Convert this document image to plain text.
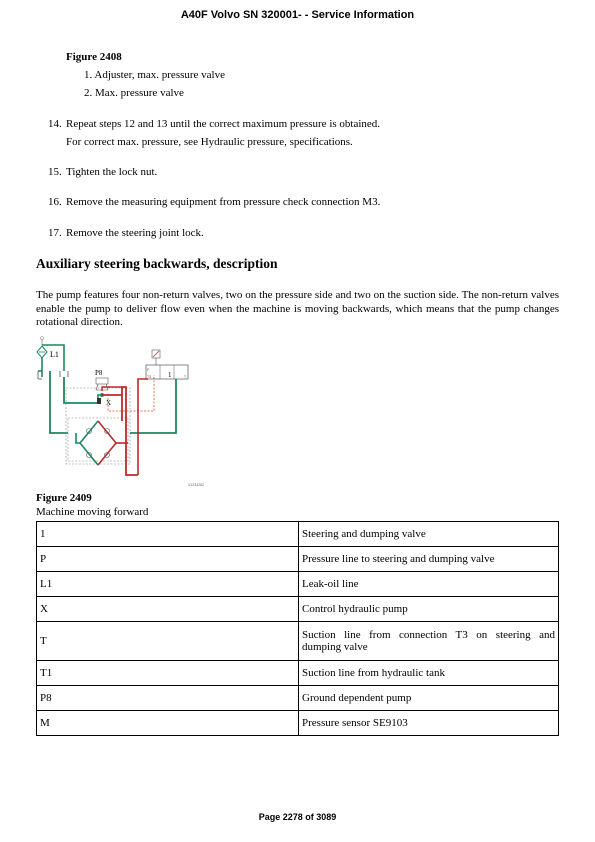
A40F Volvo SN 320001- - Service Information
Figure 2408
1. Adjuster, max. pressure valve
2. Max. pressure valve
14. Repeat steps 12 and 13 until the correct maximum pressure is obtained.
For correct max. pressure, see Hydraulic pressure, specifications.
15. Tighten the lock nut.
16. Remove the measuring equipment from pressure check connection M3.
17. Remove the steering joint lock.
Auxiliary steering backwards, description
The pump features four non-return valves, two on the pressure side and two on the suction side. The non-return valves enable the pump to deliver flow even when the machine is moving backwards, which means that the pump changes rotational direction.
L1
P8
X
P
T3	T
1
V1234262
Figure 2409
Machine moving forward
1	Steering and dumping valve
P	Pressure line to steering and dumping valve
L1	Leak-oil line
X	Control hydraulic pump
T	Suction line from connection T3 on steering and dumping valve
T1	Suction line from hydraulic tank
P8	Ground dependent pump
M	Pressure sensor SE9103
Page 2278 of 3089
